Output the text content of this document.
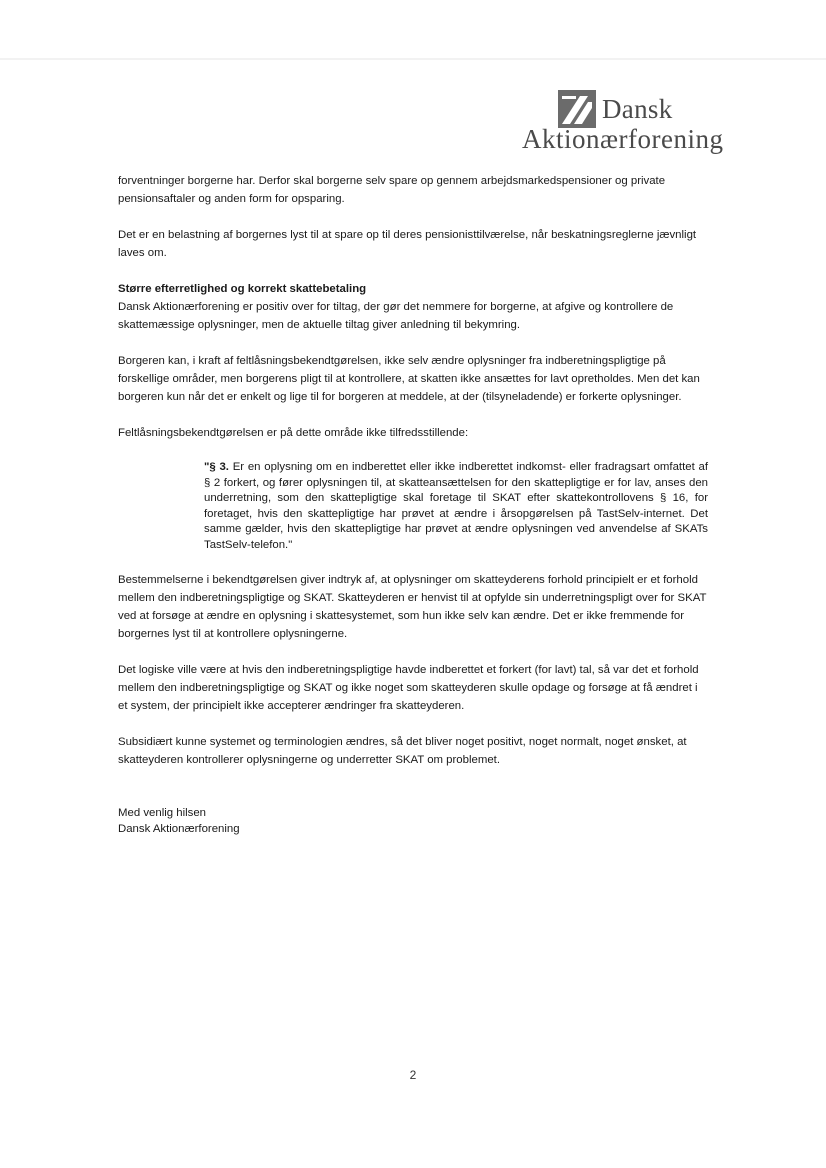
Dansk
Aktionærforening

forventninger borgerne har. Derfor skal borgerne selv spare op gennem arbejdsmarkedspensioner og private pensionsaftaler og anden form for opsparing.

Det er en belastning af borgernes lyst til at spare op til deres pensionisttilværelse, når beskatningsreglerne jævnligt laves om.

Større efterretlighed og korrekt skattebetaling

Dansk Aktionærforening er positiv over for tiltag, der gør det nemmere for borgerne, at afgive og kontrollere de skattemæssige oplysninger, men de aktuelle tiltag giver anledning til bekymring.

Borgeren kan, i kraft af feltlåsningsbekendtgørelsen, ikke selv ændre oplysninger fra indberetningspligtige på forskellige områder, men borgerens pligt til at kontrollere, at skatten ikke ansættes for lavt opretholdes. Men det kan borgeren kun når det er enkelt og lige til for borgeren at meddele, at der (tilsyneladende) er forkerte oplysninger.

Feltlåsningsbekendtgørelsen er på dette område ikke tilfredsstillende:

"§ 3. Er en oplysning om en indberettet eller ikke indberettet indkomst- eller fradragsart omfattet af § 2 forkert, og fører oplysningen til, at skatteansættelsen for den skattepligtige er for lav, anses den underretning, som den skattepligtige skal foretage til SKAT efter skattekontrollovens § 16, for foretaget, hvis den skattepligtige har prøvet at ændre i årsopgørelsen på TastSelv-internet. Det samme gælder, hvis den skattepligtige har prøvet at ændre oplysningen ved anvendelse af SKATs TastSelv-telefon."

Bestemmelserne i bekendtgørelsen giver indtryk af, at oplysninger om skatteyderens forhold principielt er et forhold mellem den indberetningspligtige og SKAT. Skatteyderen er henvist til at opfylde sin underretningspligt over for SKAT ved at forsøge at ændre en oplysning i skattesystemet, som hun ikke selv kan ændre. Det er ikke fremmende for borgernes lyst til at kontrollere oplysningerne.

Det logiske ville være at hvis den indberetningspligtige havde indberettet et forkert (for lavt) tal, så var det et forhold mellem den indberetningspligtige og SKAT og ikke noget som skatteyderen skulle opdage og forsøge at få ændret i et system, der principielt ikke accepterer ændringer fra skatteyderen.

Subsidiært kunne systemet og terminologien ændres, så det bliver noget positivt, noget normalt, noget ønsket, at skatteyderen kontrollerer oplysningerne og underretter SKAT om problemet.

Med venlig hilsen
Dansk Aktionærforening
2
